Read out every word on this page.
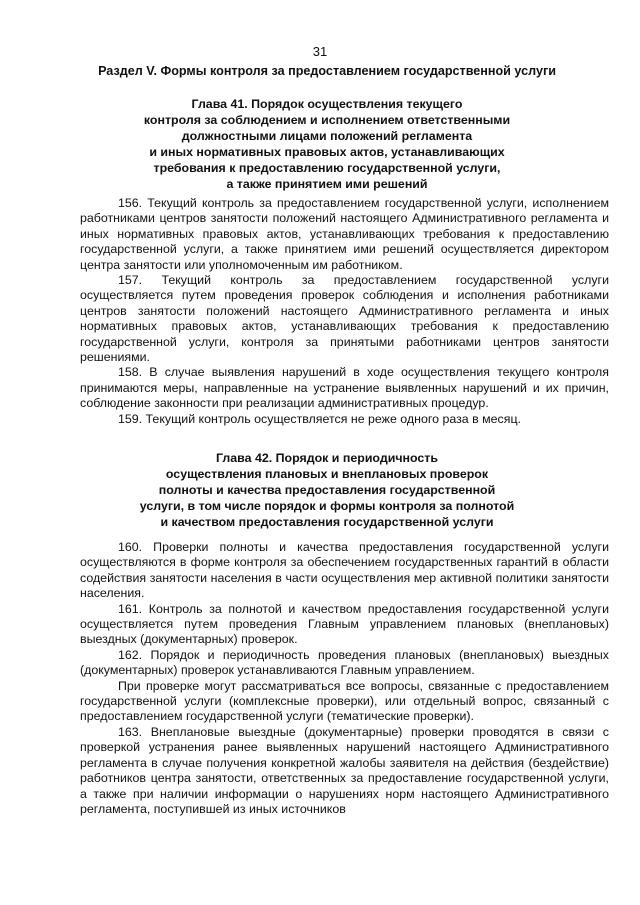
31
Раздел V. Формы контроля за предоставлением государственной услуги
Глава 41. Порядок осуществления текущего
контроля за соблюдением и исполнением ответственными
должностными лицами положений регламента
и иных нормативных правовых актов, устанавливающих
требования к предоставлению государственной услуги,
а также принятием ими решений

156. Текущий контроль за предоставлением государственной услуги, исполнением работниками центров занятости положений настоящего Административного регламента и иных нормативных правовых актов, устанавливающих требования к предоставлению государственной услуги, а также принятием ими решений осуществляется директором центра занятости или уполномоченным им работником.

157. Текущий контроль за предоставлением государственной услуги осуществляется путем проведения проверок соблюдения и исполнения работниками центров занятости положений настоящего Административного регламента и иных нормативных правовых актов, устанавливающих требования к предоставлению государственной услуги, контроля за принятыми работниками центров занятости решениями.

158. В случае выявления нарушений в ходе осуществления текущего контроля принимаются меры, направленные на устранение выявленных нарушений и их причин, соблюдение законности при реализации административных процедур.

159. Текущий контроль осуществляется не реже одного раза в месяц.

Глава 42. Порядок и периодичность
осуществления плановых и внеплановых проверок
полноты и качества предоставления государственной
услуги, в том числе порядок и формы контроля за полнотой
и качеством предоставления государственной услуги

160. Проверки полноты и качества предоставления государственной услуги осуществляются в форме контроля за обеспечением государственных гарантий в области содействия занятости населения в части осуществления мер активной политики занятости населения.

161. Контроль за полнотой и качеством предоставления государственной услуги осуществляется путем проведения Главным управлением плановых (внеплановых) выездных (документарных) проверок.

162. Порядок и периодичность проведения плановых (внеплановых) выездных (документарных) проверок устанавливаются Главным управлением.

При проверке могут рассматриваться все вопросы, связанные с предоставлением государственной услуги (комплексные проверки), или отдельный вопрос, связанный с предоставлением государственной услуги (тематические проверки).

163. Внеплановые выездные (документарные) проверки проводятся в связи с проверкой устранения ранее выявленных нарушений настоящего Административного регламента в случае получения конкретной жалобы заявителя на действия (бездействие) работников центра занятости, ответственных за предоставление государственной услуги, а также при наличии информации о нарушениях норм настоящего Административного регламента, поступившей из иных источников
